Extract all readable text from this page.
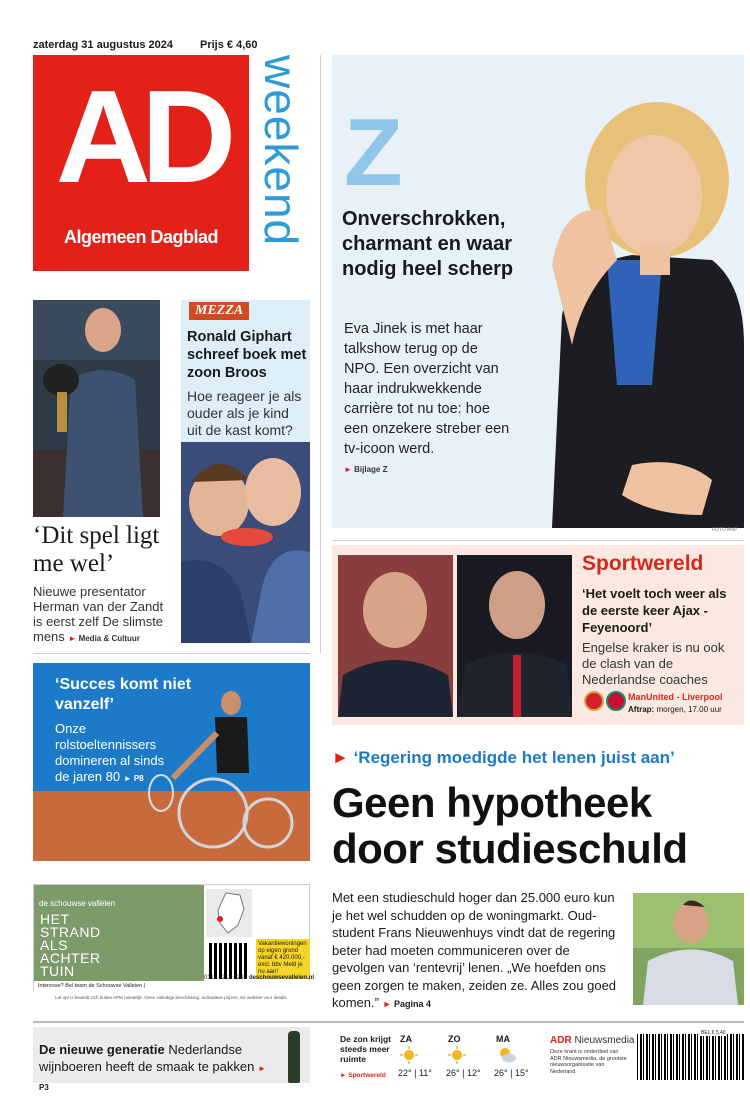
zaterdag 31 augustus 2024 Prijs € 4,60
AD
Algemeen Dagblad weekend Z
Onverschrokken, charmant en waar nodig heel scherp
Eva Jinek is met haar talkshow terug op de NPO. Een overzicht van haar indrukwekkende carrière tot nu toe: hoe een onzekere streber een tv-icoon werd.
► Bijlage Z
FOTO ANP
‘Dit spel ligt me wel’
Nieuwe presentator Herman van der Zandt is eerst zelf De slimste mens ► Media & Cultuur
MEZZA
Ronald Giphart schreef boek met zoon Broos
Hoe reageer je als ouder als je kind uit de kast komt?
‘Succes komt niet vanzelf’
Onze rolstoeltennissers domineren al sinds de jaren 80 ► P8
de schouwse vallelen
HET STRAND ALS ACHTER TUIN
Vakantiewoningen op eigen grond vanaf € 420.000,- excl. bbv Meld je nu aan!
Interesse? Bel team de Schouwse Valleien |
0111 - 218 020 deschouwsevalleien.nl
Let op! U bevindt zich buiten APM ruimtelijk. Geen volledige beschikking. Indicatieve prijzen, zie website voor details.
Sportwereld
‘Het voelt toch weer als de eerste keer Ajax - Feyenoord’
Engelse kraker is nu ook de clash van de Nederlandse coaches
ManUnited - Liverpool
Aftrap: morgen, 17.00 uur
► ‘Regering moedigde het lenen juist aan’
Geen hypotheek door studieschuld
Met een studieschuld hoger dan 25.000 euro kun je het wel schudden op de woningmarkt. Oud-student Frans Nieuwenhuys vindt dat de regering beter had moeten communiceren over de gevolgen van ‘rentevrij’ lenen. „We hoefden ons geen zorgen te maken, zeiden ze. Alles zou goed komen.” ► Pagina 4
De nieuwe generatie Nederlandse wijnboeren heeft de smaak te pakken ► P3
De zon krijgt steeds meer ruimte
► Sportwereld
ZA
22° | 11°
ZO
26° | 12°
MA
26° | 15°
ADR Nieuwsmedia
Deze krant is onderdeel van ADR Nieuwsmedia, de grootste nieuwsorganisatie van Nederland
BEL € 5,40
